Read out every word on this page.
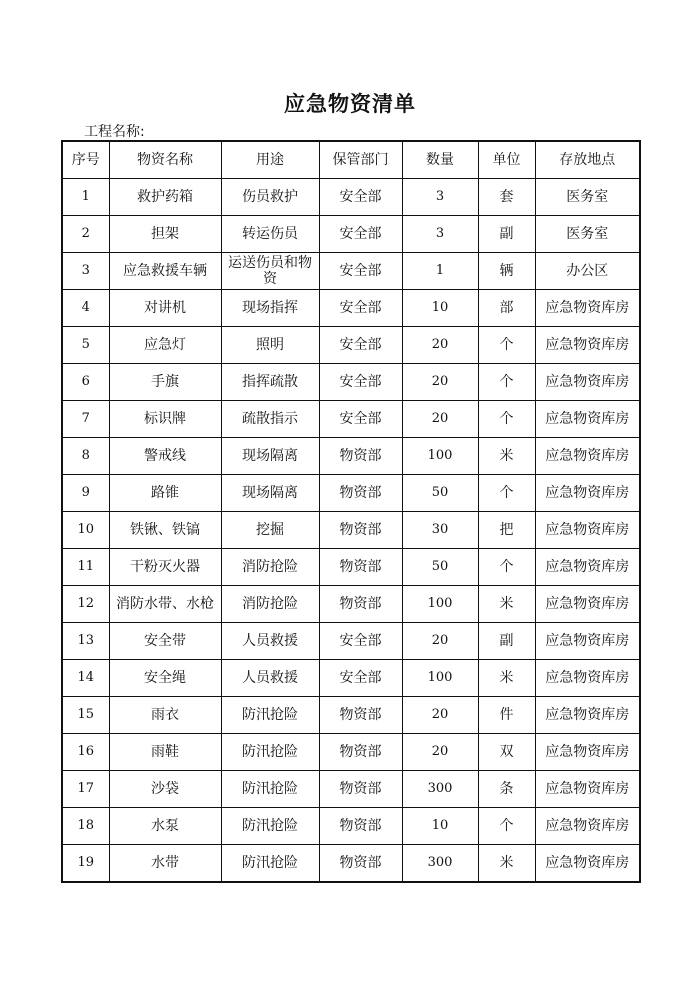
应急物资清单
工程名称:
序号	物资名称	用途	保管部门	数量	单位	存放地点
1	救护药箱	伤员救护	安全部	3	套	医务室
2	担架	转运伤员	安全部	3	副	医务室
3	应急救援车辆	运送伤员和物资	安全部	1	辆	办公区
4	对讲机	现场指挥	安全部	10	部	应急物资库房
5	应急灯	照明	安全部	20	个	应急物资库房
6	手旗	指挥疏散	安全部	20	个	应急物资库房
7	标识牌	疏散指示	安全部	20	个	应急物资库房
8	警戒线	现场隔离	物资部	100	米	应急物资库房
9	路锥	现场隔离	物资部	50	个	应急物资库房
10	铁锹、铁镐	挖掘	物资部	30	把	应急物资库房
11	干粉灭火器	消防抢险	物资部	50	个	应急物资库房
12	消防水带、水枪	消防抢险	物资部	100	米	应急物资库房
13	安全带	人员救援	安全部	20	副	应急物资库房
14	安全绳	人员救援	安全部	100	米	应急物资库房
15	雨衣	防汛抢险	物资部	20	件	应急物资库房
16	雨鞋	防汛抢险	物资部	20	双	应急物资库房
17	沙袋	防汛抢险	物资部	300	条	应急物资库房
18	水泵	防汛抢险	物资部	10	个	应急物资库房
19	水带	防汛抢险	物资部	300	米	应急物资库房
